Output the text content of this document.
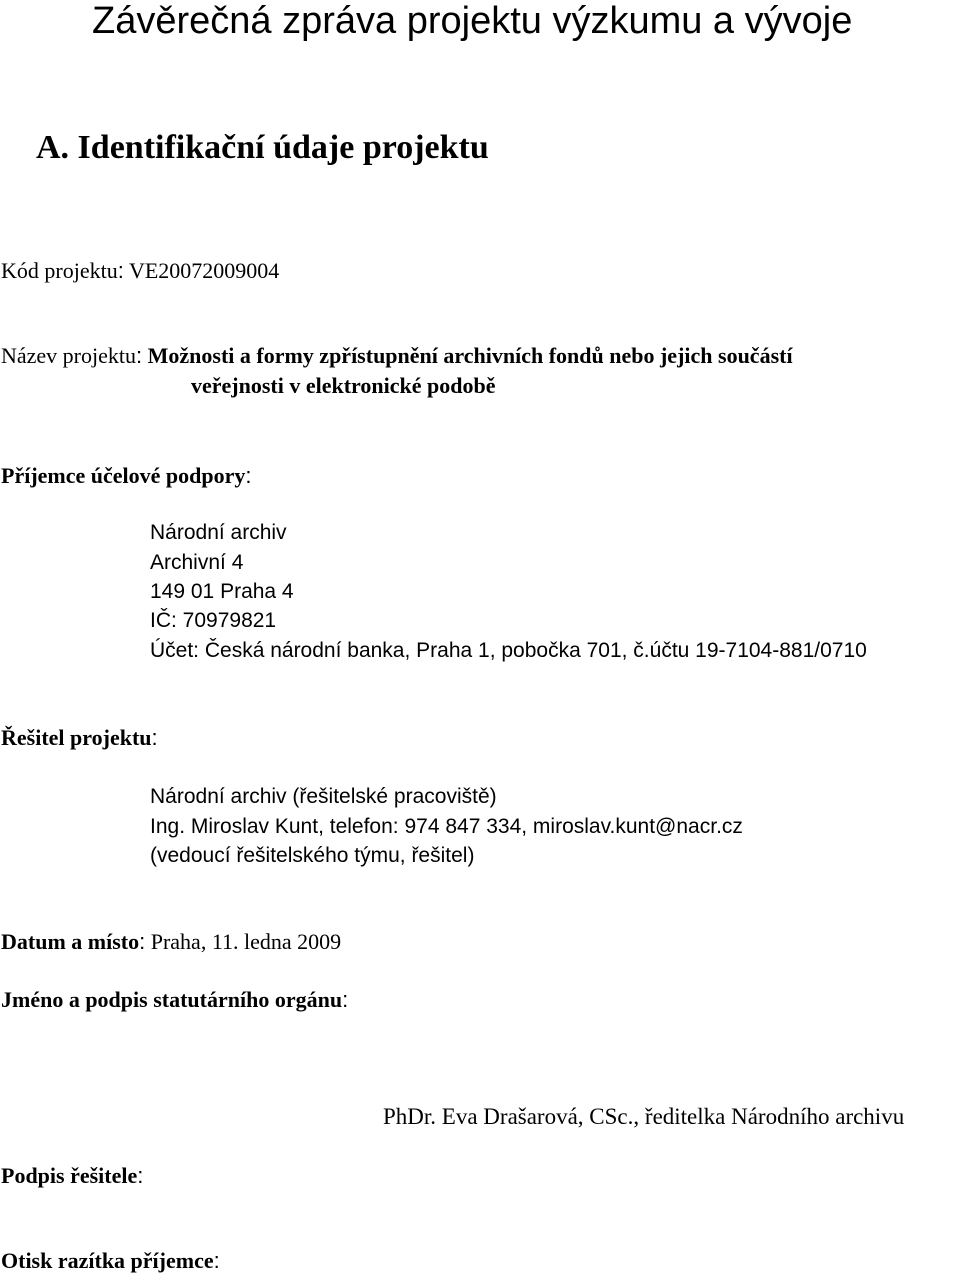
Závěrečná zpráva projektu výzkumu a vývoje
A. Identifikační údaje projektu
Kód projektu: VE20072009004
Název projektu: Možnosti a formy zpřístupnění archivních fondů nebo jejich součástí
veřejnosti v elektronické podobě
Příjemce účelové podpory:
Národní archiv
Archivní 4
149 01 Praha 4
IČ: 70979821
Účet: Česká národní banka, Praha 1, pobočka 701, č.účtu 19-7104-881/0710
Řešitel projektu:
Národní archiv (řešitelské pracoviště)
Ing. Miroslav Kunt, telefon: 974 847 334, miroslav.kunt@nacr.cz
(vedoucí řešitelského týmu, řešitel)
Datum a místo: Praha, 11. ledna 2009
Jméno a podpis statutárního orgánu:
PhDr. Eva Drašarová, CSc., ředitelka Národního archivu
Podpis řešitele:
Otisk razítka příjemce:
